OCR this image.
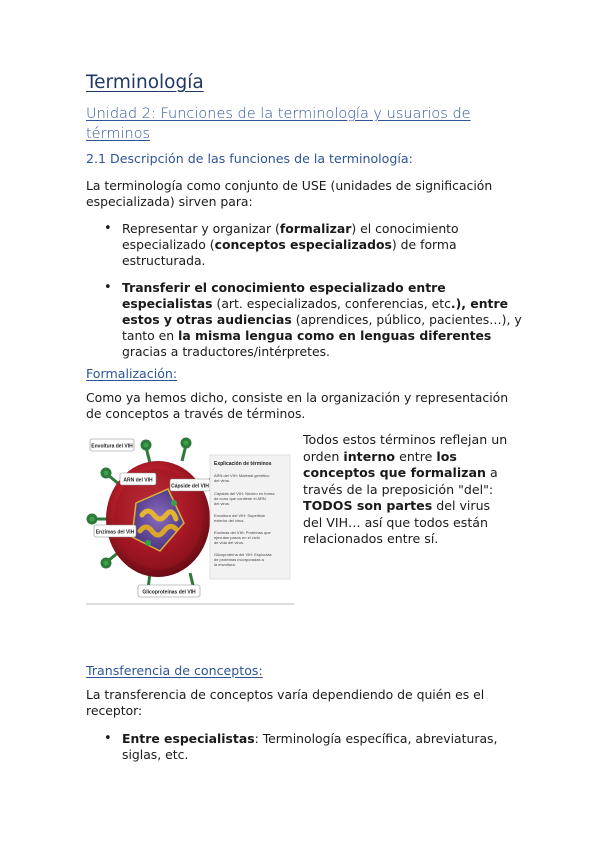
Terminología
Unidad 2: Funciones de la terminología y usuarios de términos
2.1 Descripción de las funciones de la terminología:
La terminología como conjunto de USE (unidades de significación especializada) sirven para:
• Representar y organizar (formalizar) el conocimiento especializado (conceptos especializados) de forma estructurada.
• Transferir el conocimiento especializado entre especialistas (art. especializados, conferencias, etc.), entre estos y otras audiencias (aprendices, público, pacientes…), y tanto en la misma lengua como en lenguas diferentes gracias a traductores/intérpretes.
Formalización:
Como ya hemos dicho, consiste en la organización y representación de conceptos a través de términos.
Envoltura del VIH
ARN del VIH
Cápside del VIH
Enzimas del VIH
Glicoproteínas del VIH
Explicación de términos
ARN del VIH: Material genético
del virus.
Cápside del VIH: Núcleo en forma
de cono que contiene el ARN
del virus.
Envoltura del VIH: Superficie
exterior del virus.
Enzimas del VIH: Proteínas que
ejecutan pasos en el ciclo
de vida del virus.
Glicoproteína del VIH: Espículas
de proteínas incorporadas a
la envoltura.
Todos estos términos reflejan un orden interno entre los conceptos que formalizan a través de la preposición "del": TODOS son partes del virus del VIH… así que todos están relacionados entre sí.
Transferencia de conceptos:
La transferencia de conceptos varía dependiendo de quién es el receptor:
• Entre especialistas: Terminología específica, abreviaturas, siglas, etc.
